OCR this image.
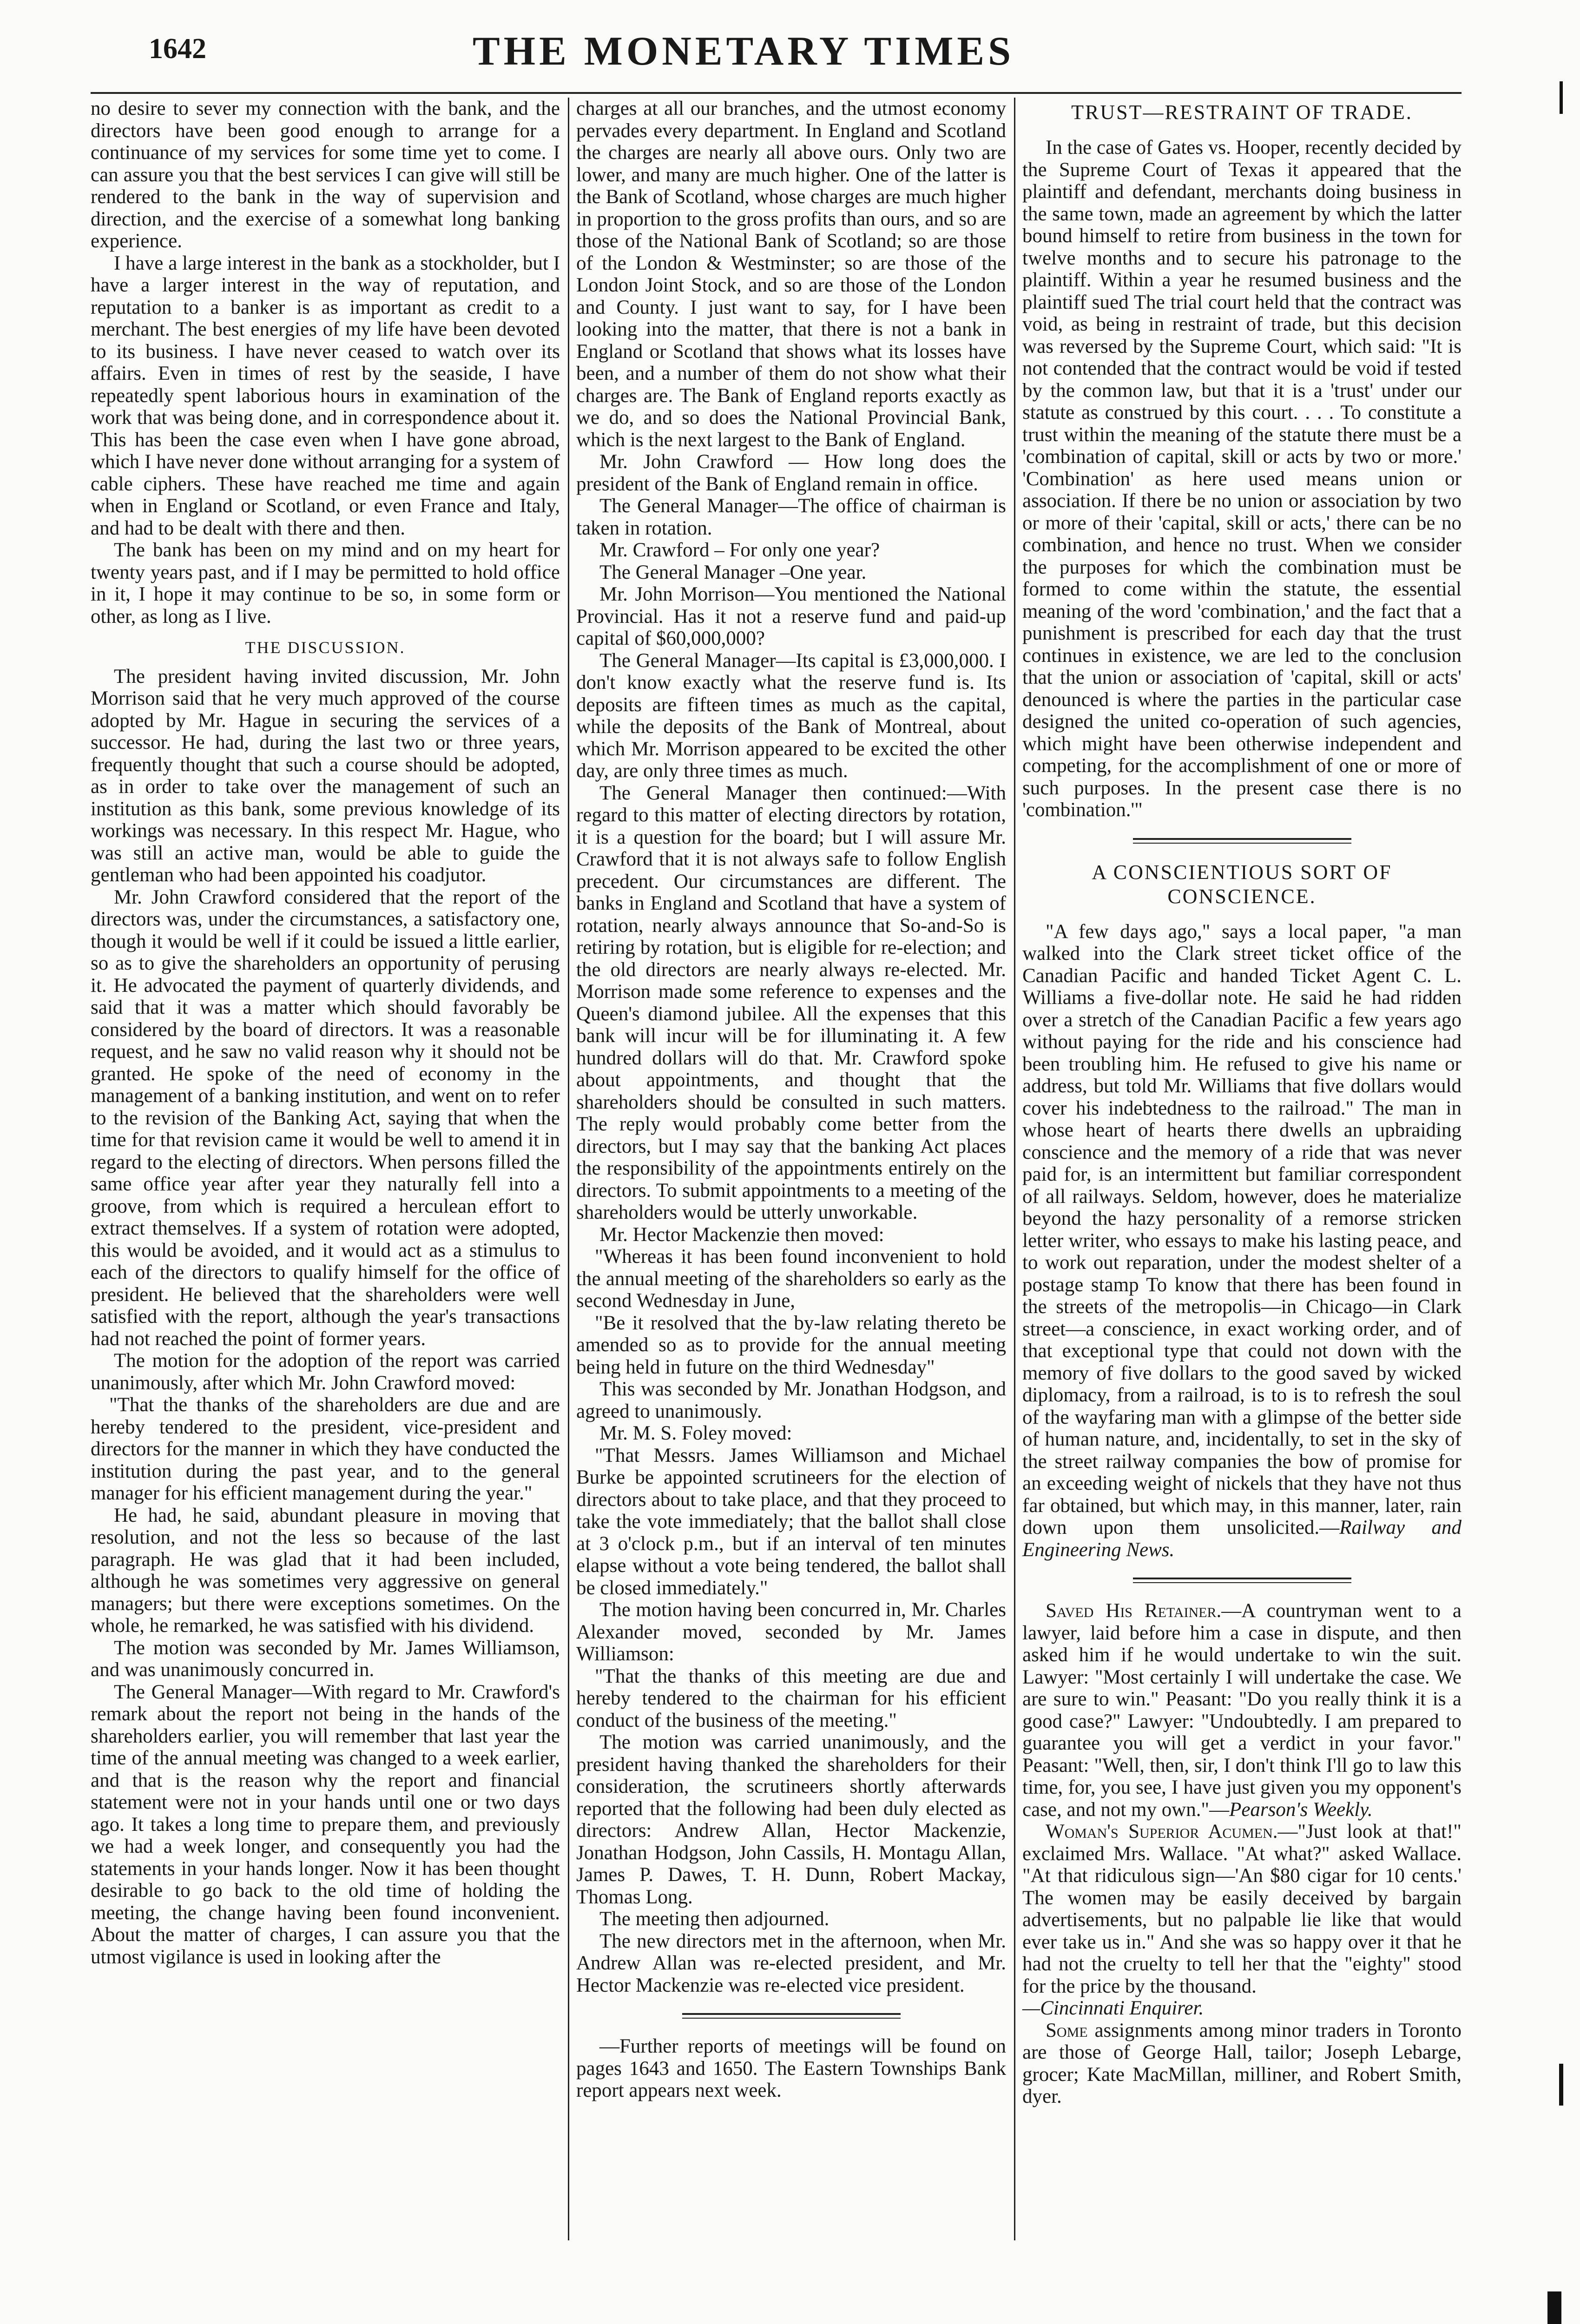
1642	THE MONETARY TIMES

no desire to sever my connection with the bank, and the directors have been good enough to arrange for a continuance of my services for some time yet to come. I can assure you that the best services I can give will still be rendered to the bank in the way of supervision and direction, and the exercise of a somewhat long banking experience.

I have a large interest in the bank as a stockholder, but I have a larger interest in the way of reputation, and reputation to a banker is as important as credit to a merchant. The best energies of my life have been devoted to its business. I have never ceased to watch over its affairs. Even in times of rest by the seaside, I have repeatedly spent laborious hours in examination of the work that was being done, and in correspondence about it. This has been the case even when I have gone abroad, which I have never done without arranging for a system of cable ciphers. These have reached me time and again when in England or Scotland, or even France and Italy, and had to be dealt with there and then.

The bank has been on my mind and on my heart for twenty years past, and if I may be permitted to hold office in it, I hope it may continue to be so, in some form or other, as long as I live.

THE DISCUSSION.

The president having invited discussion, Mr. John Morrison said that he very much approved of the course adopted by Mr. Hague in securing the services of a successor. He had, during the last two or three years, frequently thought that such a course should be adopted, as in order to take over the management of such an institution as this bank, some previous knowledge of its workings was necessary. In this respect Mr. Hague, who was still an active man, would be able to guide the gentleman who had been appointed his coadjutor.

Mr. John Crawford considered that the report of the directors was, under the circumstances, a satisfactory one, though it would be well if it could be issued a little earlier, so as to give the shareholders an opportunity of perusing it. He advocated the payment of quarterly dividends, and said that it was a matter which should favorably be considered by the board of directors. It was a reasonable request, and he saw no valid reason why it should not be granted. He spoke of the need of economy in the management of a banking institution, and went on to refer to the revision of the Banking Act, saying that when the time for that revision came it would be well to amend it in regard to the electing of directors. When persons filled the same office year after year they naturally fell into a groove, from which is required a herculean effort to extract themselves. If a system of rotation were adopted, this would be avoided, and it would act as a stimulus to each of the directors to qualify himself for the office of president. He believed that the shareholders were well satisfied with the report, although the year's transactions had not reached the point of former years.

The motion for the adoption of the report was carried unanimously, after which Mr. John Crawford moved:

"That the thanks of the shareholders are due and are hereby tendered to the president, vice-president and directors for the manner in which they have conducted the institution during the past year, and to the general manager for his efficient management during the year."

He had, he said, abundant pleasure in moving that resolution, and not the less so because of the last paragraph. He was glad that it had been included, although he was sometimes very aggressive on general managers; but there were exceptions sometimes. On the whole, he remarked, he was satisfied with his dividend.

The motion was seconded by Mr. James Williamson, and was unanimously concurred in.

The General Manager—With regard to Mr. Crawford's remark about the report not being in the hands of the shareholders earlier, you will remember that last year the time of the annual meeting was changed to a week earlier, and that is the reason why the report and financial statement were not in your hands until one or two days ago. It takes a long time to prepare them, and previously we had a week longer, and consequently you had the statements in your hands longer. Now it has been thought desirable to go back to the old time of holding the meeting, the change having been found inconvenient. About the matter of charges, I can assure you that the utmost vigilance is used in looking after the

charges at all our branches, and the utmost economy pervades every department. In England and Scotland the charges are nearly all above ours. Only two are lower, and many are much higher. One of the latter is the Bank of Scotland, whose charges are much higher in proportion to the gross profits than ours, and so are those of the National Bank of Scotland; so are those of the London & Westminster; so are those of the London Joint Stock, and so are those of the London and County. I just want to say, for I have been looking into the matter, that there is not a bank in England or Scotland that shows what its losses have been, and a number of them do not show what their charges are. The Bank of England reports exactly as we do, and so does the National Provincial Bank, which is the next largest to the Bank of England.

Mr. John Crawford — How long does the president of the Bank of England remain in office.

The General Manager—The office of chairman is taken in rotation.

Mr. Crawford – For only one year?

The General Manager –One year.

Mr. John Morrison—You mentioned the National Provincial. Has it not a reserve fund and paid-up capital of $60,000,000?

The General Manager—Its capital is £3,000,000. I don't know exactly what the reserve fund is. Its deposits are fifteen times as much as the capital, while the deposits of the Bank of Montreal, about which Mr. Morrison appeared to be excited the other day, are only three times as much.

The General Manager then continued:—With regard to this matter of electing directors by rotation, it is a question for the board; but I will assure Mr. Crawford that it is not always safe to follow English precedent. Our circumstances are different. The banks in England and Scotland that have a system of rotation, nearly always announce that So-and-So is retiring by rotation, but is eligible for re-election; and the old directors are nearly always re-elected. Mr. Morrison made some reference to expenses and the Queen's diamond jubilee. All the expenses that this bank will incur will be for illuminating it. A few hundred dollars will do that. Mr. Crawford spoke about appointments, and thought that the shareholders should be consulted in such matters. The reply would probably come better from the directors, but I may say that the banking Act places the responsibility of the appointments entirely on the directors. To submit appointments to a meeting of the shareholders would be utterly unworkable.

Mr. Hector Mackenzie then moved:

"Whereas it has been found inconvenient to hold the annual meeting of the shareholders so early as the second Wednesday in June,

"Be it resolved that the by-law relating thereto be amended so as to provide for the annual meeting being held in future on the third Wednesday"

This was seconded by Mr. Jonathan Hodgson, and agreed to unanimously.

Mr. M. S. Foley moved:

"That Messrs. James Williamson and Michael Burke be appointed scrutineers for the election of directors about to take place, and that they proceed to take the vote immediately; that the ballot shall close at 3 o'clock p.m., but if an interval of ten minutes elapse without a vote being tendered, the ballot shall be closed immediately."

The motion having been concurred in, Mr. Charles Alexander moved, seconded by Mr. James Williamson:

"That the thanks of this meeting are due and hereby tendered to the chairman for his efficient conduct of the business of the meeting."

The motion was carried unanimously, and the president having thanked the shareholders for their consideration, the scrutineers shortly afterwards reported that the following had been duly elected as directors: Andrew Allan, Hector Mackenzie, Jonathan Hodgson, John Cassils, H. Montagu Allan, James P. Dawes, T. H. Dunn, Robert Mackay, Thomas Long.

The meeting then adjourned.

The new directors met in the afternoon, when Mr. Andrew Allan was re-elected president, and Mr. Hector Mackenzie was re-elected vice president.

—Further reports of meetings will be found on pages 1643 and 1650. The Eastern Townships Bank report appears next week.

TRUST—RESTRAINT OF TRADE.

In the case of Gates vs. Hooper, recently decided by the Supreme Court of Texas it appeared that the plaintiff and defendant, merchants doing business in the same town, made an agreement by which the latter bound himself to retire from business in the town for twelve months and to secure his patronage to the plaintiff. Within a year he resumed business and the plaintiff sued The trial court held that the contract was void, as being in restraint of trade, but this decision was reversed by the Supreme Court, which said: "It is not contended that the contract would be void if tested by the common law, but that it is a 'trust' under our statute as construed by this court. . . . To constitute a trust within the meaning of the statute there must be a 'combination of capital, skill or acts by two or more.' 'Combination' as here used means union or association. If there be no union or association by two or more of their 'capital, skill or acts,' there can be no combination, and hence no trust. When we consider the purposes for which the combination must be formed to come within the statute, the essential meaning of the word 'combination,' and the fact that a punishment is prescribed for each day that the trust continues in existence, we are led to the conclusion that the union or association of 'capital, skill or acts' denounced is where the parties in the particular case designed the united co-operation of such agencies, which might have been otherwise independent and competing, for the accomplishment of one or more of such purposes. In the present case there is no 'combination.'"

A CONSCIENTIOUS SORT OF CONSCIENCE.

"A few days ago," says a local paper, "a man walked into the Clark street ticket office of the Canadian Pacific and handed Ticket Agent C. L. Williams a five-dollar note. He said he had ridden over a stretch of the Canadian Pacific a few years ago without paying for the ride and his conscience had been troubling him. He refused to give his name or address, but told Mr. Williams that five dollars would cover his indebtedness to the railroad." The man in whose heart of hearts there dwells an upbraiding conscience and the memory of a ride that was never paid for, is an intermittent but familiar correspondent of all railways. Seldom, however, does he materialize beyond the hazy personality of a remorse stricken letter writer, who essays to make his lasting peace, and to work out reparation, under the modest shelter of a postage stamp To know that there has been found in the streets of the metropolis—in Chicago—in Clark street—a conscience, in exact working order, and of that exceptional type that could not down with the memory of five dollars to the good saved by wicked diplomacy, from a railroad, is to is to refresh the soul of the wayfaring man with a glimpse of the better side of human nature, and, incidentally, to set in the sky of the street railway companies the bow of promise for an exceeding weight of nickels that they have not thus far obtained, but which may, in this manner, later, rain down upon them unsolicited.—Railway and Engineering News.

Saved His Retainer.—A countryman went to a lawyer, laid before him a case in dispute, and then asked him if he would undertake to win the suit. Lawyer: "Most certainly I will undertake the case. We are sure to win." Peasant: "Do you really think it is a good case?" Lawyer: "Undoubtedly. I am prepared to guarantee you will get a verdict in your favor." Peasant: "Well, then, sir, I don't think I'll go to law this time, for, you see, I have just given you my opponent's case, and not my own."—Pearson's Weekly.

Woman's Superior Acumen.—"Just look at that!" exclaimed Mrs. Wallace. "At what?" asked Wallace. "At that ridiculous sign—'An $80 cigar for 10 cents.' The women may be easily deceived by bargain advertisements, but no palpable lie like that would ever take us in." And she was so happy over it that he had not the cruelty to tell her that the "eighty" stood for the price by the thousand.

—Cincinnati Enquirer.

Some assignments among minor traders in Toronto are those of George Hall, tailor; Joseph Lebarge, grocer; Kate MacMillan, milliner, and Robert Smith, dyer.
